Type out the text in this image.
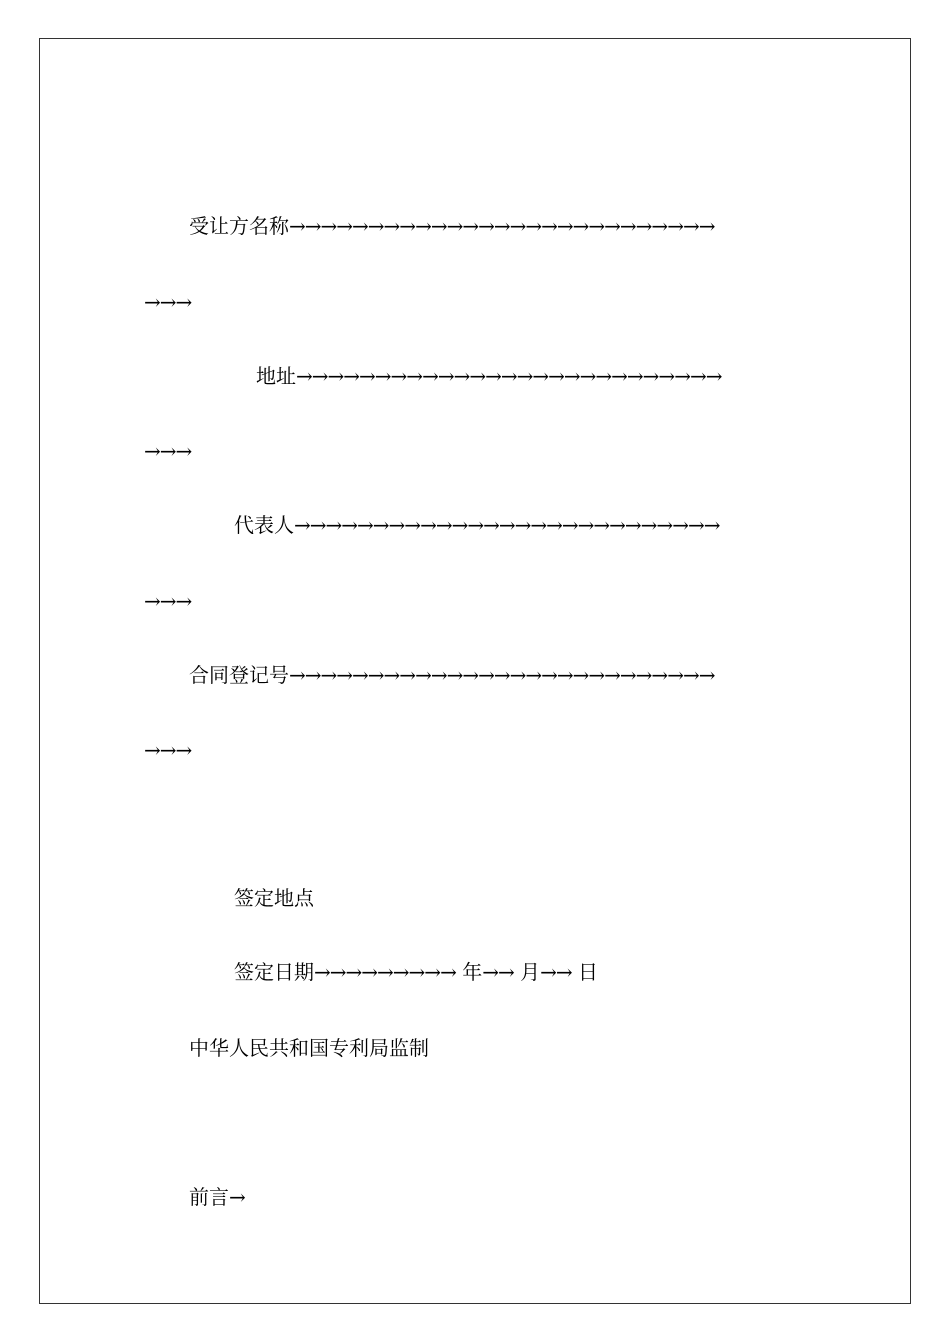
受让方名称→→→→→→→→→→→→→→→→→→→→→→→→→→→
→→→
地址→→→→→→→→→→→→→→→→→→→→→→→→→→→
→→→
代表人→→→→→→→→→→→→→→→→→→→→→→→→→→→
→→→
合同登记号→→→→→→→→→→→→→→→→→→→→→→→→→→→
→→→
签定地点
签定日期→→→→→→→→→ 年→→ 月→→ 日
中华人民共和国专利局监制
前言→
